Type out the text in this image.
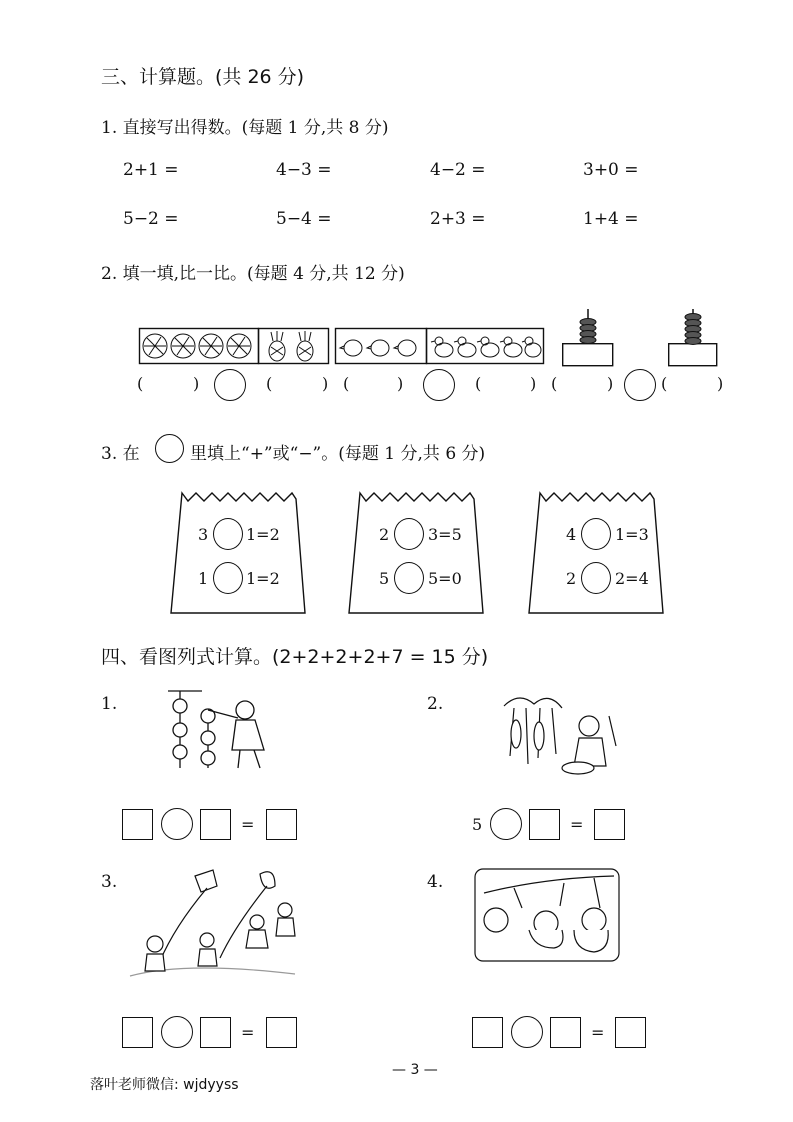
三、计算题。(共 26 分)
1. 直接写出得数。(每题 1 分,共 8 分)
2+1 =	4−3 =	4−2 =	3+0 =
5−2 =	5−4 =	2+3 =	1+4 =
2. 填一填,比一比。(每题 4 分,共 12 分)
(	)	(	) (	)	(	) (	)	(	)
3. 在	里填上“+”或“−”。(每题 1 分,共 6 分)
3 1=2
1 1=2
2 3=5
5 5=0
4 1=3
2 2=4
四、看图列式计算。(2+2+2+2+7 = 15 分)
1.
=
2.
5	=
3.
=
4.
=
— 3 —
落叶老师微信: wjdyyss
